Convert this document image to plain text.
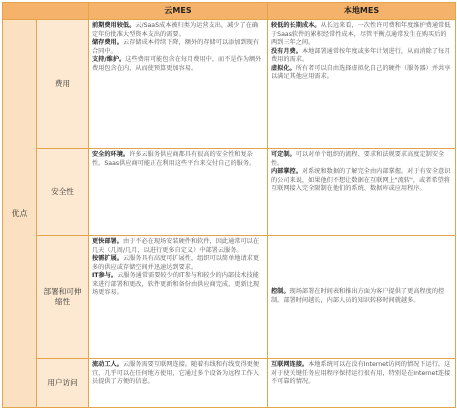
		云MES	本地MES
优点	费用	前期费用较低。云/SaaS成本被归类为运营支出，减少了在确定年份批准大型资本支出的需要。
储存费用。云存储成本持续下降，额外的存储可以添加到现有合同中。
支持/维护。这些费用可能包含在每月费用中，而不是作为额外费用包含在内，从而使预算更加容易。	较低的长期成本。从长远来看，一次性许可费和年度维护费通常低于Saas软件的累积经常性成本，尽管平衡点通常发生在购买后的两到三年之间。
没有月费。本地部署通常按年度或多年计划进行，从而消除了每月费用的需求。
虚拟化。所有者可以自由选择虚拟化自己的硬件（服务器）并共享以满足其他应用需求。

	安全性	安全的环境。许多云服务供应商都具有很高的安全性和复杂性。Saas供应商可能正在利用这些平台来交付自己的服务。	可定制。可以对单个组织的流程、要求和法规要求高度定制安全性。
内部掌控。对系统和数据的了解完全由内部掌握。对于有安全意识的公司来说，如果他们不想让数据在互联网上"流转"，或者希望将互联网接入完全限制在他们的系统、数据库或应用程序。

	部署和可伸缩性	更快部署。由于不必在现场安装硬件和软件，因此通常可以在几天（几周/几月，以进行更多自定义）中部署云服务。
按需扩展。云服务具有高度可扩展性，组织可以简单地请求更多的供应或存储空间并迅速达到要求。
IT参与。云服务通常需要较少的IT参与和较少的内部技术技能来进行部署和更改，软件更新和备份由供应商完成，更新比现场更容易。	控制。现场部署在时间表和推出方面为客户提供了更高程度的控制。部署时间越长，内部人员的知识转移时间就越多。

	用户访问	流动工人。云服务需要互联网连接。随着有线和有线变得更便宜，几乎可以在任何地方使用，它通过多个设备为远程工作人员提供了方便的信息。	互联网连接。本地系统可以在没有Internet访问的情况下运行。这对于使关键任务应用程序保持运行很有用，特别是在Internet连接不可靠的情况。
